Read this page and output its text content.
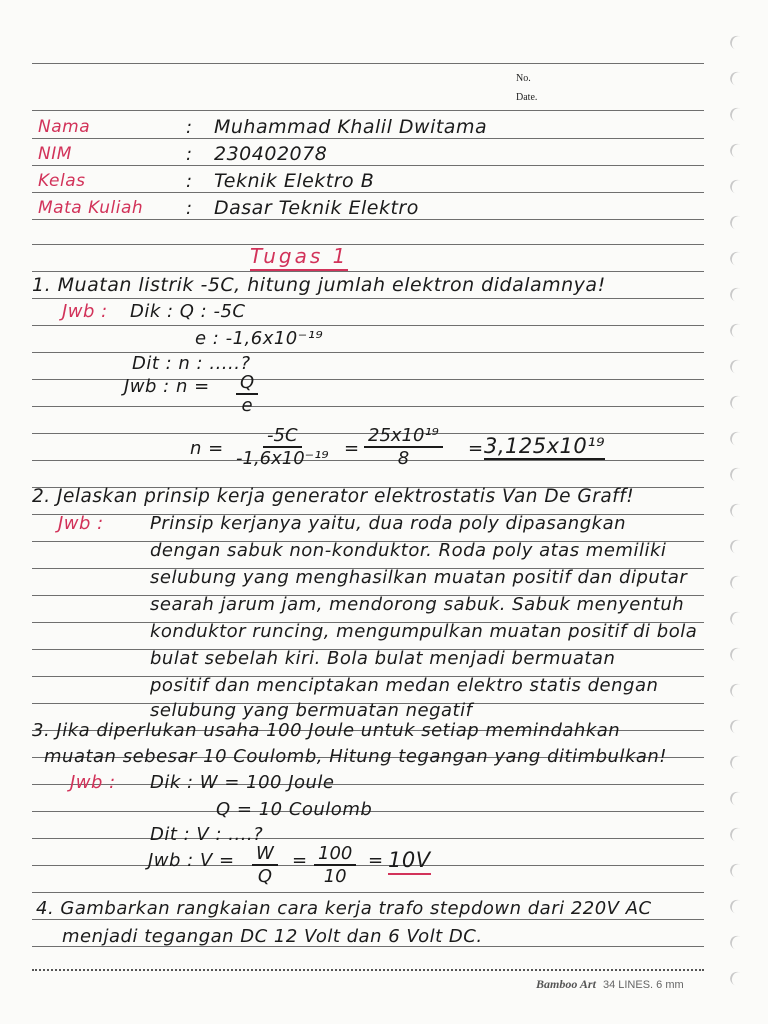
No.
Date.
Nama	: Muhammad Khalil Dwitama
NIM	: 230402078
Kelas	: Teknik Elektro B
Mata Kuliah : Dasar Teknik Elektro
Tugas 1
1. Muatan listrik -5C, hitung jumlah elektron didalamnya!
Jwb : Dik : Q : -5C
e : -1,6x10⁻¹⁹
Dit : n : .....?
Jwb : $n = \frac{Q}{e}$
$n = \frac{-5C}{\text{-1,6x10⁻¹⁹}} = \frac{\text{25x10¹⁹}}{8} = 3,125x10^{19}$
2. Jelaskan prinsip kerja generator elektrostatis Van De Graff!
Jwb :	Prinsip kerjanya yaitu, dua roda poly dipasangkan
dengan sabuk non-konduktor. Roda poly atas memiliki
selubung yang menghasilkan muatan positif dan diputar
searah jarum jam, mendorong sabuk. Sabuk menyentuh
konduktor runcing, mengumpulkan muatan positif di bola
bulat sebelah kiri. Bola bulat menjadi bermuatan
positif dan menciptakan medan elektro statis dengan
selubung yang bermuatan negatif
3. Jika diperlukan usaha 100 Joule untuk setiap memindahkan
muatan sebesar 10 Coulomb, Hitung tegangan yang ditimbulkan!
Jwb : Dik : W = 100 Joule
Q = 10 Coulomb
Dit : V : ....?
Jwb : $V = \frac{W}{Q} = \frac{100}{10} = 10V$
4. Gambarkan rangkaian cara kerja trafo stepdown dari 220V AC
menjadi tegangan DC 12 Volt dan 6 Volt DC.
Bamboo Art 34 LINES. 6 mm
